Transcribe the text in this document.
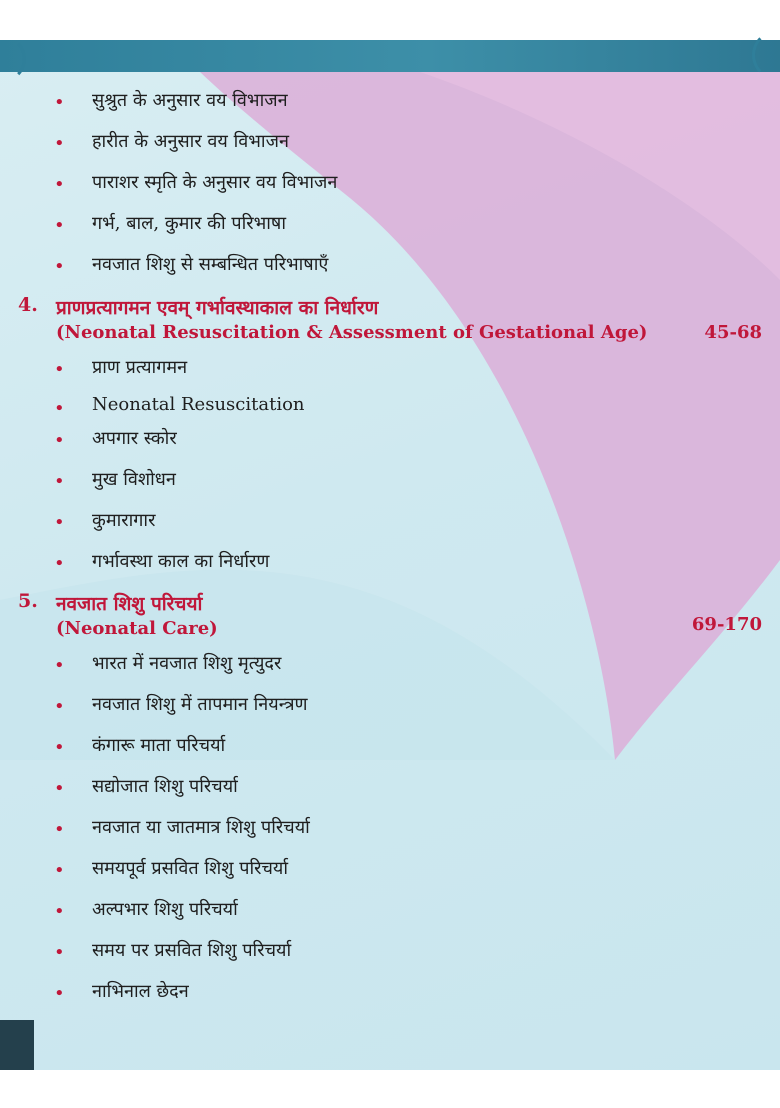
• सुश्रुत के अनुसार वय विभाजन
• हारीत के अनुसार वय विभाजन
• पाराशर स्मृति के अनुसार वय विभाजन
• गर्भ, बाल, कुमार की परिभाषा
• नवजात शिशु से सम्बन्धित परिभाषाएँ
4. प्राणप्रत्यागमन एवम् गर्भावस्थाकाल का निर्धारण
(Neonatal Resuscitation & Assessment of Gestational Age)	45-68
• प्राण प्रत्यागमन
• Neonatal Resuscitation
• अपगार स्कोर
• मुख विशोधन
• कुमारागार
• गर्भावस्था काल का निर्धारण
5. नवजात शिशु परिचर्या
(Neonatal Care)	69-170
• भारत में नवजात शिशु मृत्युदर
• नवजात शिशु में तापमान नियन्त्रण
• कंगारू माता परिचर्या
• सद्योजात शिशु परिचर्या
• नवजात या जातमात्र शिशु परिचर्या
• समयपूर्व प्रसवित शिशु परिचर्या
• अल्पभार शिशु परिचर्या
• समय पर प्रसवित शिशु परिचर्या
• नाभिनाल छेदन
